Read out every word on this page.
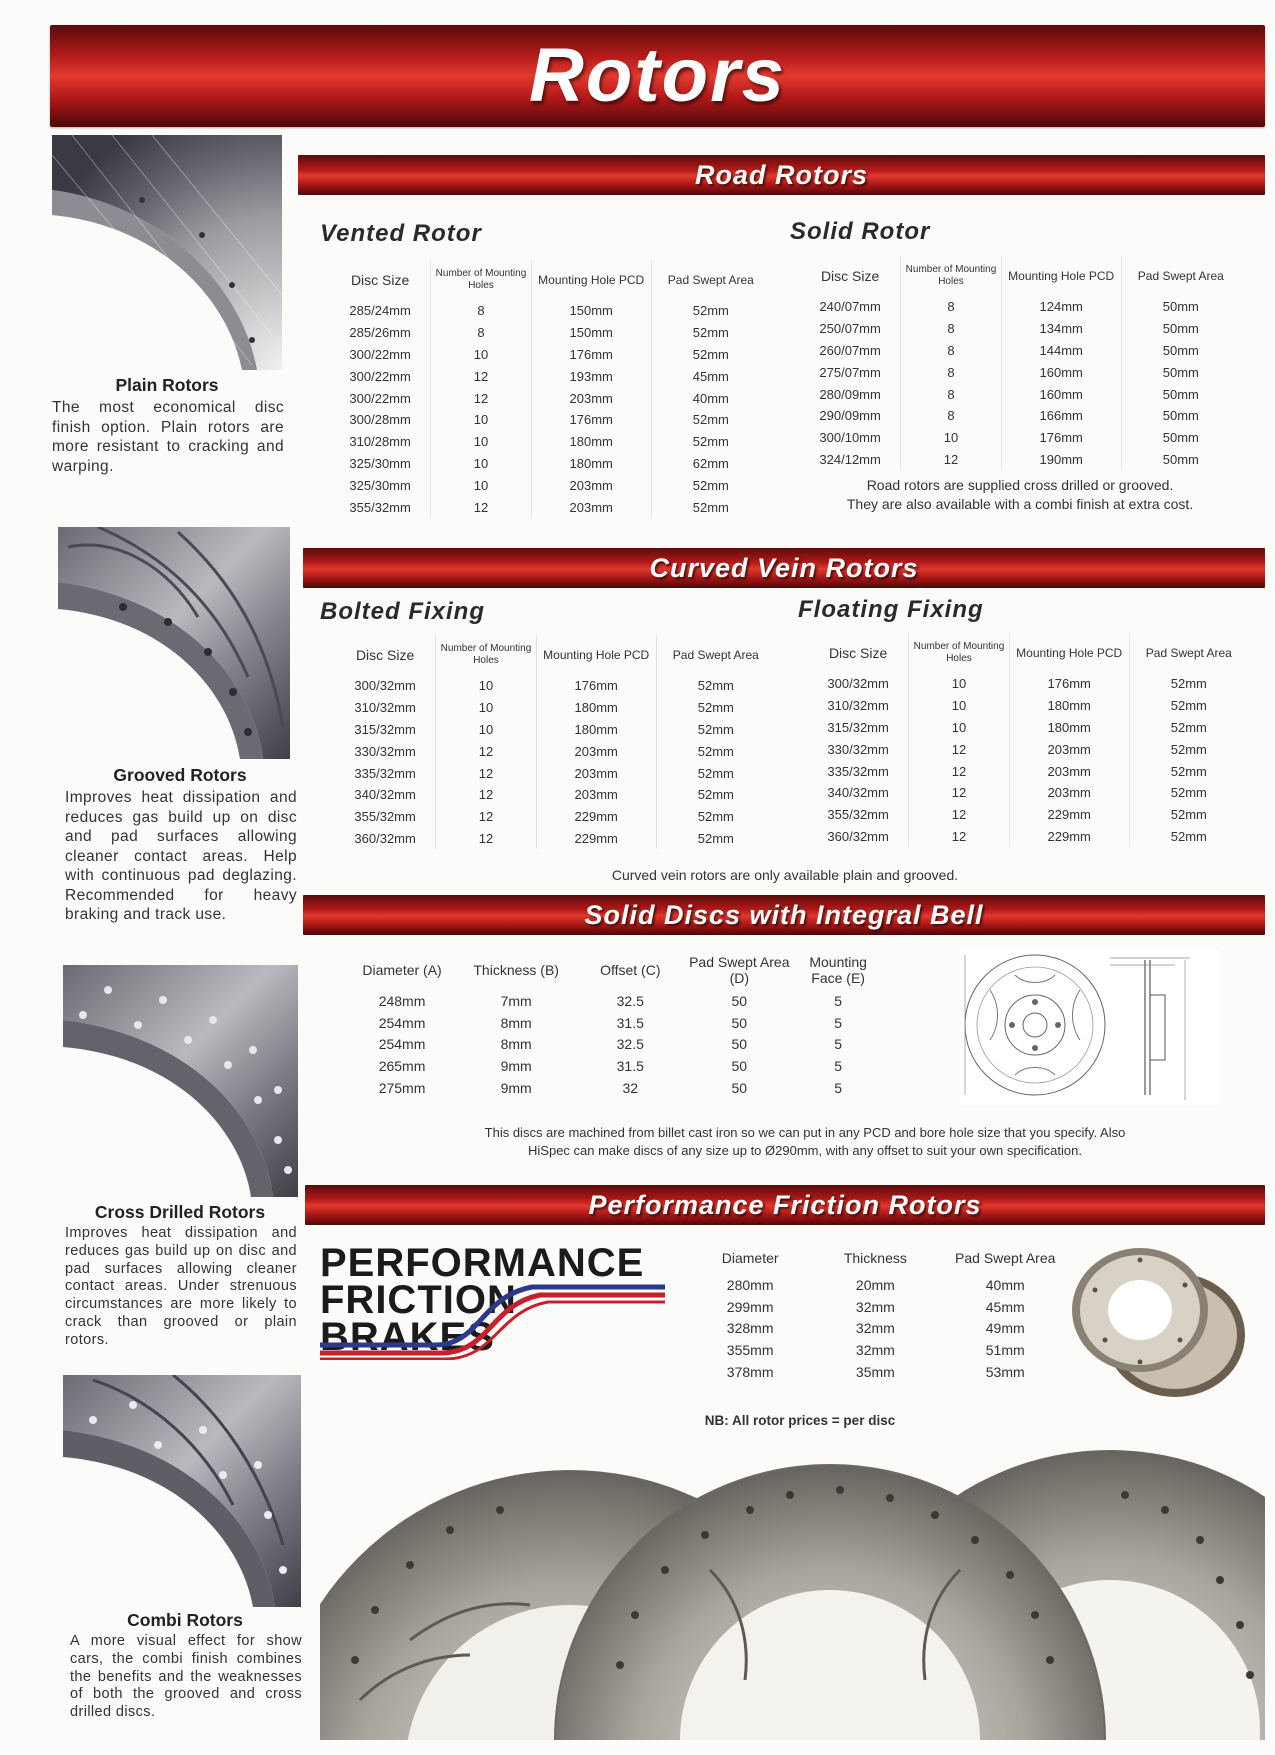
Rotors
Plain Rotors
The most economical disc finish option. Plain rotors are more resistant to cracking and warping.
Grooved Rotors
Improves heat dissipation and reduces gas build up on disc and pad surfaces allowing cleaner contact areas. Help with continuous pad deglazing. Recommended for heavy braking and track use.
Cross Drilled Rotors
Improves heat dissipation and reduces gas build up on disc and pad surfaces allowing cleaner contact areas. Under strenuous circumstances are more likely to crack than grooved or plain rotors.
Combi Rotors
A more visual effect for show cars, the combi finish combines the benefits and the weaknesses of both the grooved and cross drilled discs.
Road Rotors
Vented Rotor
Disc Size	Number of Mounting Holes	Mounting Hole PCD	Pad Swept Area
285/24mm	8	150mm	52mm
285/26mm	8	150mm	52mm
300/22mm	10	176mm	52mm
300/22mm	12	193mm	45mm
300/22mm	12	203mm	40mm
300/28mm	10	176mm	52mm
310/28mm	10	180mm	52mm
325/30mm	10	180mm	62mm
325/30mm	10	203mm	52mm
355/32mm	12	203mm	52mm
Solid Rotor
Disc Size	Number of Mounting Holes	Mounting Hole PCD	Pad Swept Area
240/07mm	8	124mm	50mm
250/07mm	8	134mm	50mm
260/07mm	8	144mm	50mm
275/07mm	8	160mm	50mm
280/09mm	8	160mm	50mm
290/09mm	8	166mm	50mm
300/10mm	10	176mm	50mm
324/12mm	12	190mm	50mm
Road rotors are supplied cross drilled or grooved.
They are also available with a combi finish at extra cost.
Curved Vein Rotors
Bolted Fixing
Disc Size	Number of Mounting Holes	Mounting Hole PCD	Pad Swept Area
300/32mm	10	176mm	52mm
310/32mm	10	180mm	52mm
315/32mm	10	180mm	52mm
330/32mm	12	203mm	52mm
335/32mm	12	203mm	52mm
340/32mm	12	203mm	52mm
355/32mm	12	229mm	52mm
360/32mm	12	229mm	52mm
Floating Fixing
Disc Size	Number of Mounting Holes	Mounting Hole PCD	Pad Swept Area
300/32mm	10	176mm	52mm
310/32mm	10	180mm	52mm
315/32mm	10	180mm	52mm
330/32mm	12	203mm	52mm
335/32mm	12	203mm	52mm
340/32mm	12	203mm	52mm
355/32mm	12	229mm	52mm
360/32mm	12	229mm	52mm
Curved vein rotors are only available plain and grooved.
Solid Discs with Integral Bell
Diameter (A)	Thickness (B)	Offset (C)	Pad Swept Area (D)	Mounting Face (E)
248mm	7mm	32.5	50	5
254mm	8mm	31.5	50	5
254mm	8mm	32.5	50	5
265mm	9mm	31.5	50	5
275mm	9mm	32	50	5
This discs are machined from billet cast iron so we can put in any PCD and bore hole size that you specify. Also
HiSpec can make discs of any size up to Ø290mm, with any offset to suit your own specification.
Performance Friction Rotors
PERFORMANCE
FRICTION
BRAKES
Diameter	Thickness	Pad Swept Area
280mm	20mm	40mm
299mm	32mm	45mm
328mm	32mm	49mm
355mm	32mm	51mm
378mm	35mm	53mm
NB: All rotor prices = per disc
